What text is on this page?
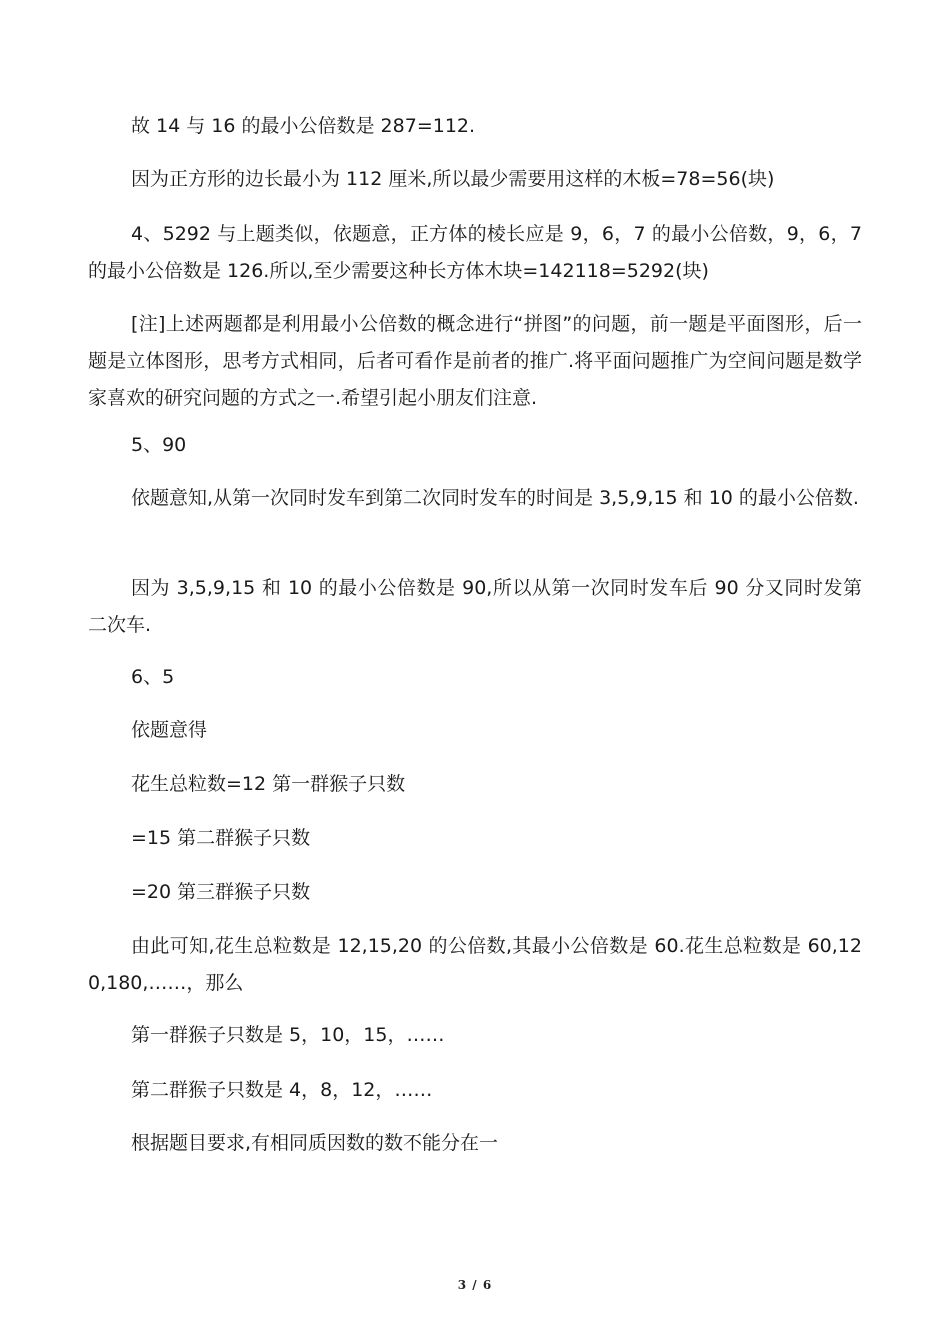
故 14 与 16 的最小公倍数是 287=112.
因为正方形的边长最小为 112 厘米,所以最少需要用这样的木板=78=56(块)
4、5292 与上题类似，依题意，正方体的棱长应是 9，6，7 的最小公倍数，9，6，7 的最小公倍数是 126.所以,至少需要这种长方体木块=142118=5292(块)
[注]上述两题都是利用最小公倍数的概念进行“拼图”的问题，前一题是平面图形，后一题是立体图形，思考方式相同，后者可看作是前者的推广.将平面问题推广为空间问题是数学家喜欢的研究问题的方式之一.希望引起小朋友们注意.
5、90
依题意知,从第一次同时发车到第二次同时发车的时间是 3,5,9,15 和 10 的最小公倍数.
因为 3,5,9,15 和 10 的最小公倍数是 90,所以从第一次同时发车后 90 分又同时发第二次车.
6、5
依题意得
花生总粒数=12 第一群猴子只数
=15 第二群猴子只数
=20 第三群猴子只数
由此可知,花生总粒数是 12,15,20 的公倍数,其最小公倍数是 60.花生总粒数是 60,120,180,……，那么
第一群猴子只数是 5，10，15，……
第二群猴子只数是 4，8，12，……
根据题目要求,有相同质因数的数不能分在一
3 / 6
